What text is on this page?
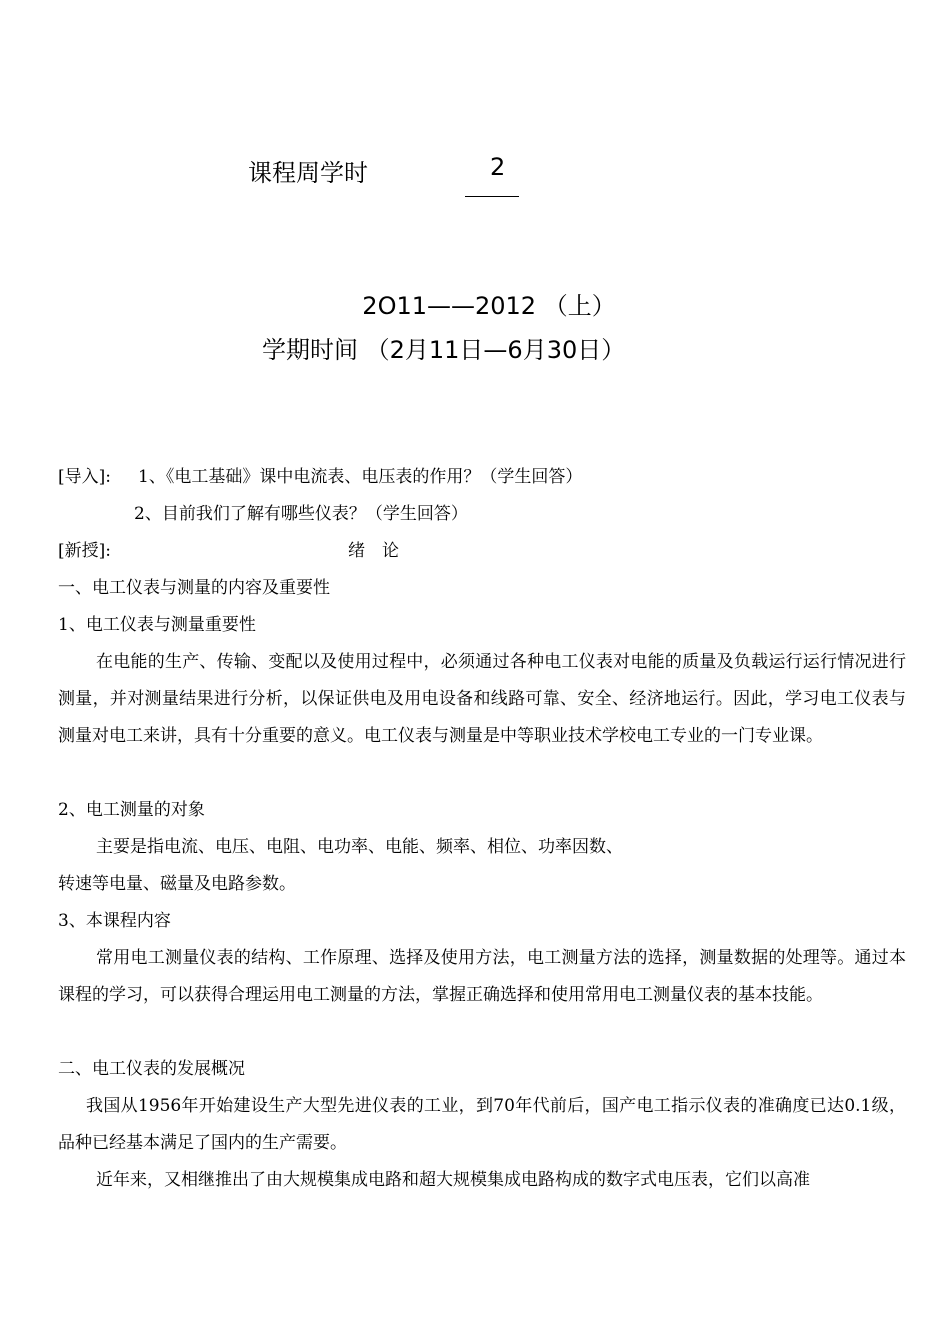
课程周学时	2
2O11——2012 （上）
学期时间 （2月11日—6月30日）
[导入]: 1、《电工基础》课中电流表、电压表的作用？（学生回答）
2、目前我们了解有哪些仪表？（学生回答）
[新授]:	绪　论
一、电工仪表与测量的内容及重要性
1、电工仪表与测量重要性
在电能的生产、传输、变配以及使用过程中，必须通过各种电工仪表对电能的质量及负载运行运行情况进行测量，并对测量结果进行分析，以保证供电及用电设备和线路可靠、安全、经济地运行。因此，学习电工仪表与测量对电工来讲，具有十分重要的意义。电工仪表与测量是中等职业技术学校电工专业的一门专业课。
2、电工测量的对象
主要是指电流、电压、电阻、电功率、电能、频率、相位、功率因数、
转速等电量、磁量及电路参数。
3、本课程内容
常用电工测量仪表的结构、工作原理、选择及使用方法，电工测量方法的选择，测量数据的处理等。通过本课程的学习，可以获得合理运用电工测量的方法，掌握正确选择和使用常用电工测量仪表的基本技能。
二、电工仪表的发展概况
我国从1956年开始建设生产大型先进仪表的工业，到70年代前后，国产电工指示仪表的准确度已达0.1级，品种已经基本满足了国内的生产需要。
近年来，又相继推出了由大规模集成电路和超大规模集成电路构成的数字式电压表，它们以高准
